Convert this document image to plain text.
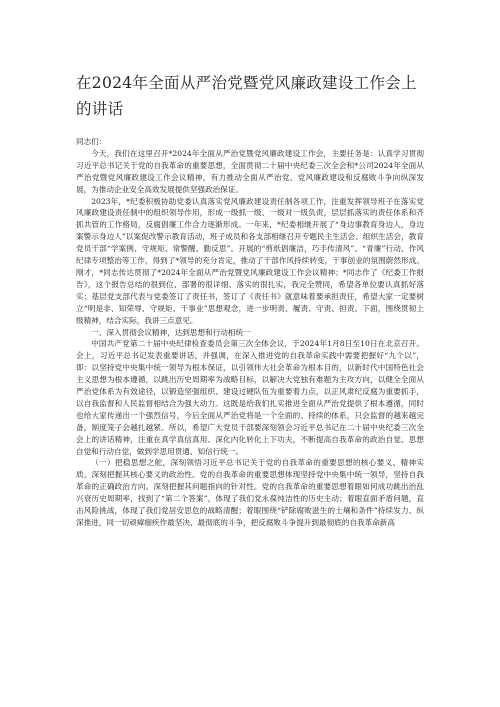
在2024年全面从严治党暨党风廉政建设工作会上的讲话

同志们：

今天，我们在这里召开*2024年全面从严治党暨党风廉政建设工作会，主要任务是：认真学习贯彻习近平总书记关于党的自我革命的重要思想，全面贯彻二十届中央纪委三次全会和*公司2024年全面从严治党暨党风廉政建设工作会议精神，有力推动全面从严治党、党风廉政建设和反腐败斗争向纵深发展，为推动企业安全高效发展提供坚强政治保证。

2023年，*纪委积极协助党委认真落实党风廉政建设责任制各项工作，注重发挥领导班子在落实党风廉政建设责任制中的组织领导作用，形成一级抓一级、一级对一级负责，层层抓落实的责任体系和齐抓共管的工作格局，反腐倡廉工作合力逐渐形成。一年来，*纪委相继开展了“身边事教育身边人，身边案警示身边人”以案促改警示教育活动，班子成员和各支部相继召开专题民主生活会、组织生活会，教育党员干部“学案例、守规矩、常警醒、勤反思”。开展的“剪纸倡廉洁，巧手传清风”、“青廉”行动、作风纪律专项整治等工作，得到了*领导的充分肯定，推动了干部作风持续转变，干事创业的氛围蔚然形成。刚才，*同志传达贯彻了*2024年全面从严治党暨党风廉政建设工作会议精神；*同志作了《纪委工作报告》，这个报告总结的很到位、部署的很详细、落实的很扎实，我完全赞同，希望各单位要认真抓好落实；基层党支部代表与党委签订了责任书，签订了《责任书》就意味着要承担责任，希望大家一定要树立“明是非、知荣辱、守规矩、干事业”思想观念，进一步明责、履责、守责、担责。下面，围绕贯彻上级精神，结合实际，我讲三点意见。

一、深入贯彻会议精神，达到思想和行动相统一

中国共产党第二十届中央纪律检查委员会第三次全体会议，于2024年1月8日至10日在北京召开。会上，习近平总书记发表重要讲话，并强调，在深入推进党的自我革命实践中需要把握好“九个以”，即：以坚持党中央集中统一领导为根本保证，以引领伟大社会革命为根本目的，以新时代中国特色社会主义思想为根本遵循，以跳出历史周期率为战略目标，以解决大党独有难题为主攻方向，以健全全面从严治党体系为有效途径，以锻造坚强组织、建设过硬队伍为重要着力点，以正风肃纪反腐为重要抓手，以自我监督和人民监督相结合为强大动力。这既是给我们扎实推进全面从严治党提供了根本遵循，同时也给大家传递出一个强烈信号，今后全面从严治党将是一个全面的、持续的体系，只会监督的越来越完备，制度笼子会越扎越紧。所以，希望广大党员干部要深刻领会习近平总书记在二十届中央纪委三次全会上的讲话精神，注重在真学真信真用、深化内化转化上下功夫，不断提高自我革命的政治自觉、思想自觉和行动自觉，做到学思用贯通、知信行统一。

（一）把稳思想之舵，深刻领悟习近平总书记关于党的自我革命的重要思想的核心要义、精神实质。深刻把握其核心要义的政治性。党的自我革命的重要思想体现坚持党中央集中统一领导，坚持自我革命的正确政治方向。深刻把握其问题指向的针对性。党的自我革命的重要思想着眼如何成功跳出治乱兴衰历史周期率，找到了“第二个答案”，体现了我们党永葆纯洁性的历史主动；着眼直面矛盾问题，直击风险挑战，体现了我们党居安思危的战略清醒；着眼围绕“铲除腐败滋生的土壤和条件”持续发力、纵深推进，同一切顽瘴痼疾作最坚决、最彻底的斗争，把反腐败斗争提升到最彻底的自我革命新高
